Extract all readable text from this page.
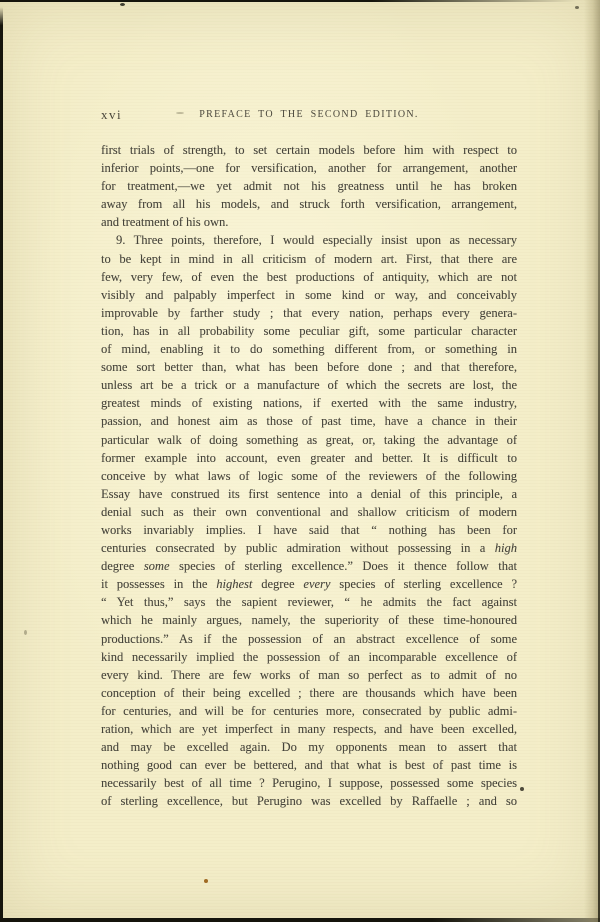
xvi	PREFACE TO THE SECOND EDITION.
first trials of strength, to set certain models before him with respect to
inferior points,—one for versification, another for arrangement, another
for treatment,—we yet admit not his greatness until he has broken
away from all his models, and struck forth versification, arrangement,
and treatment of his own.
9. Three points, therefore, I would especially insist upon as necessary
to be kept in mind in all criticism of modern art. First, that there are
few, very few, of even the best productions of antiquity, which are not
visibly and palpably imperfect in some kind or way, and conceivably
improvable by farther study ; that every nation, perhaps every genera-
tion, has in all probability some peculiar gift, some particular character
of mind, enabling it to do something different from, or something in
some sort better than, what has been before done ; and that therefore,
unless art be a trick or a manufacture of which the secrets are lost, the
greatest minds of existing nations, if exerted with the same industry,
passion, and honest aim as those of past time, have a chance in their
particular walk of doing something as great, or, taking the advantage of
former example into account, even greater and better. It is difficult to
conceive by what laws of logic some of the reviewers of the following
Essay have construed its first sentence into a denial of this principle, a
denial such as their own conventional and shallow criticism of modern
works invariably implies. I have said that “ nothing has been for
centuries consecrated by public admiration without possessing in a high
degree some species of sterling excellence.” Does it thence follow that
it possesses in the highest degree every species of sterling excellence ?
“ Yet thus,” says the sapient reviewer, “ he admits the fact against
which he mainly argues, namely, the superiority of these time-honoured
productions.” As if the possession of an abstract excellence of some
kind necessarily implied the possession of an incomparable excellence of
every kind. There are few works of man so perfect as to admit of no
conception of their being excelled ; there are thousands which have been
for centuries, and will be for centuries more, consecrated by public admi-
ration, which are yet imperfect in many respects, and have been excelled,
and may be excelled again. Do my opponents mean to assert that
nothing good can ever be bettered, and that what is best of past time is
necessarily best of all time ? Perugino, I suppose, possessed some species
of sterling excellence, but Perugino was excelled by Raffaelle ; and so
